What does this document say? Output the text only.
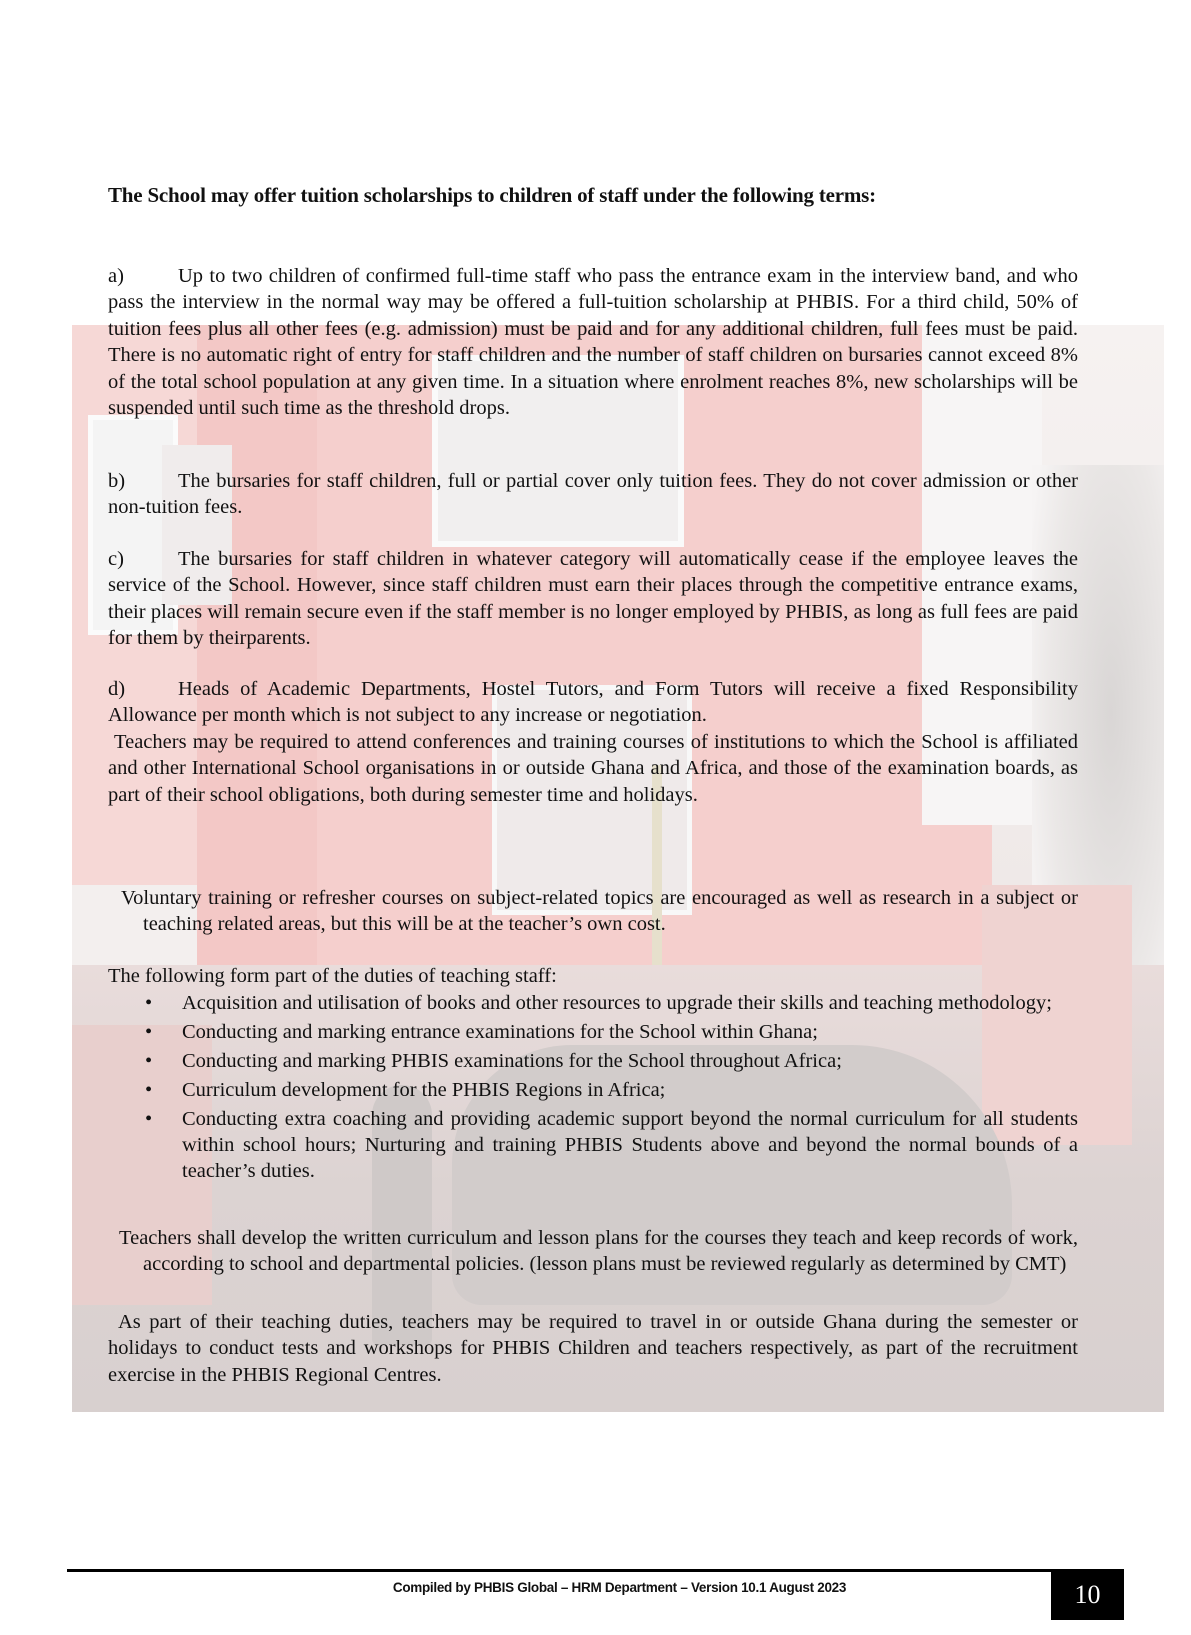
The School may offer tuition scholarships to children of staff under the following terms:
a)	Up to two children of confirmed full-time staff who pass the entrance exam in the interview band, and who pass the interview in the normal way may be offered a full-tuition scholarship at PHBIS. For a third child, 50% of tuition fees plus all other fees (e.g. admission) must be paid and for any additional children, full fees must be paid. There is no automatic right of entry for staff children and the number of staff children on bursaries cannot exceed 8% of the total school population at any given time. In a situation where enrolment reaches 8%, new scholarships will be suspended until such time as the threshold drops.
b)	The bursaries for staff children, full or partial cover only tuition fees. They do not cover admission or other non-tuition fees.
c)	The bursaries for staff children in whatever category will automatically cease if the employee leaves the service of the School. However, since staff children must earn their places through the competitive entrance exams, their places will remain secure even if the staff member is no longer employed by PHBIS, as long as full fees are paid for them by theirparents.
d)	Heads of Academic Departments, Hostel Tutors, and Form Tutors will receive a fixed Responsibility Allowance per month which is not subject to any increase or negotiation.
Teachers may be required to attend conferences and training courses of institutions to which the School is affiliated and other International School organisations in or outside Ghana and Africa, and those of the examination boards, as part of their school obligations, both during semester time and holidays.
Voluntary training or refresher courses on subject-related topics are encouraged as well as research in a subject or teaching related areas, but this will be at the teacher’s own cost.
The following form part of the duties of teaching staff:
• Acquisition and utilisation of books and other resources to upgrade their skills and teaching methodology;
• Conducting and marking entrance examinations for the School within Ghana;
• Conducting and marking PHBIS examinations for the School throughout Africa;
• Curriculum development for the PHBIS Regions in Africa;
• Conducting extra coaching and providing academic support beyond the normal curriculum for all students within school hours; Nurturing and training PHBIS Students above and beyond the normal bounds of a teacher’s duties.
Teachers shall develop the written curriculum and lesson plans for the courses they teach and keep records of work, according to school and departmental policies. (lesson plans must be reviewed regularly as determined by CMT)
As part of their teaching duties, teachers may be required to travel in or outside Ghana during the semester or holidays to conduct tests and workshops for PHBIS Children and teachers respectively, as part of the recruitment exercise in the PHBIS Regional Centres.
Compiled by PHBIS Global – HRM Department – Version 10.1 August 2023	10
